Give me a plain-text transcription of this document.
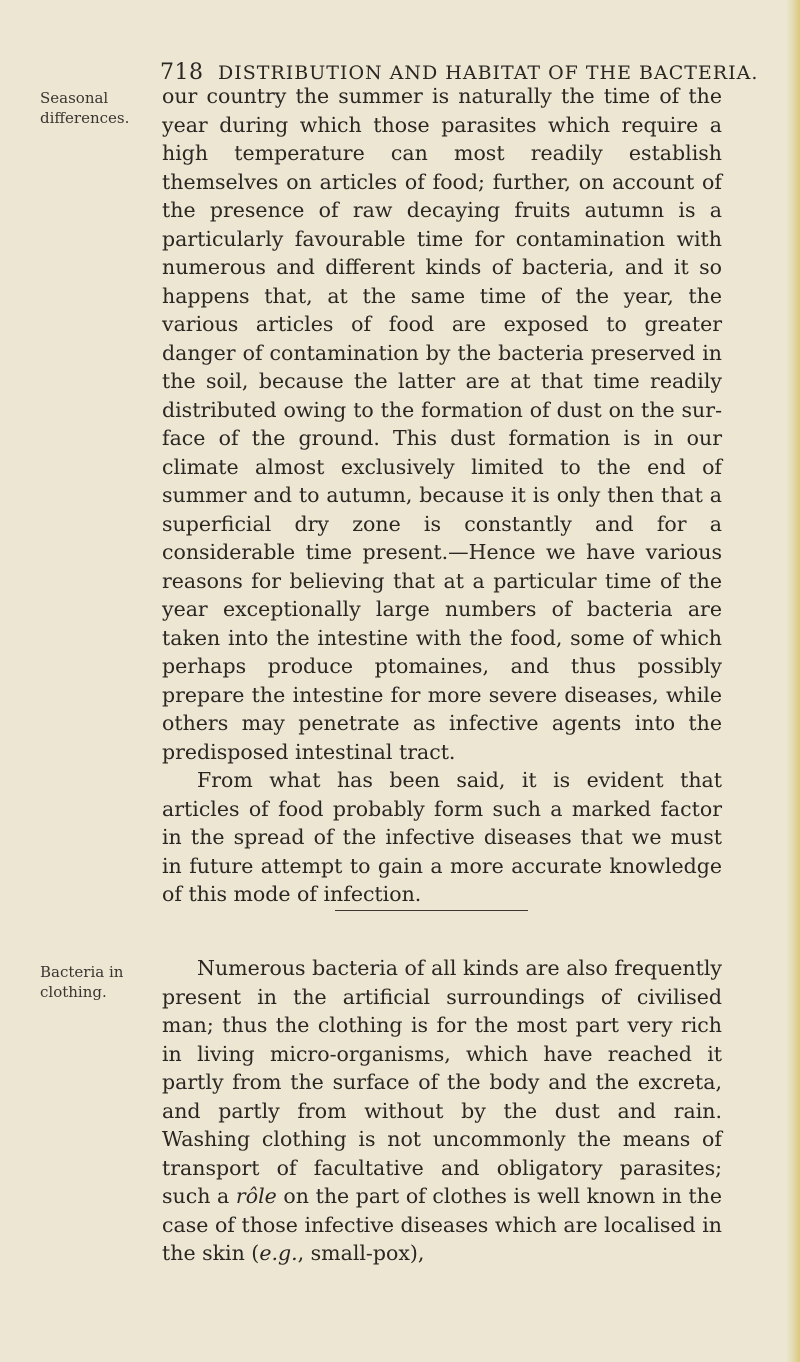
718 DISTRIBUTION AND HABITAT OF THE BACTERIA.
Seasonal differences.

our country the summer is naturally the time of the year during which those parasites which require a high temperature can most readily establish themselves on articles of food; further, on account of the presence of raw decaying fruits autumn is a particularly favourable time for contamination with numerous and different kinds of bacteria, and it so happens that, at the same time of the year, the various articles of food are exposed to greater danger of contamination by the bacteria preserved in the soil, because the latter are at that time readily distributed owing to the formation of dust on the surface of the ground. This dust formation is in our climate almost exclusively limited to the end of summer and to autumn, because it is only then that a superficial dry zone is constantly and for a considerable time present.—Hence we have various reasons for believing that at a particular time of the year exceptionally large numbers of bacteria are taken into the intestine with the food, some of which perhaps produce ptomaines, and thus possibly prepare the intestine for more severe diseases, while others may penetrate as infective agents into the predisposed intestinal tract.

From what has been said, it is evident that articles of food probably form such a marked factor in the spread of the infective diseases that we must in future attempt to gain a more accurate knowledge of this mode of infection.

Bacteria in clothing.

Numerous bacteria of all kinds are also frequently present in the artificial surroundings of civilised man; thus the clothing is for the most part very rich in living micro-organisms, which have reached it partly from the surface of the body and the excreta, and partly from without by the dust and rain. Washing clothing is not uncommonly the means of transport of facultative and obligatory parasites; such a rôle on the part of clothes is well known in the case of those infective diseases which are localised in the skin (e.g., small-pox),
